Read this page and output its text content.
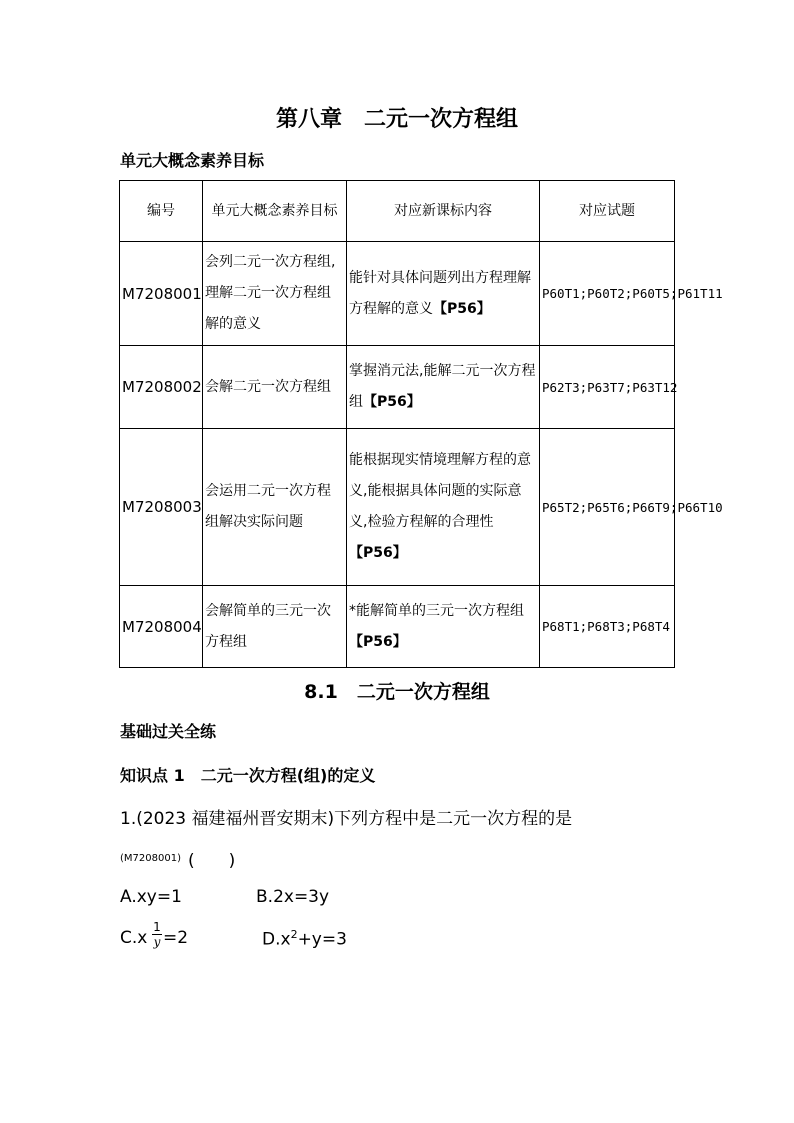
第八章　二元一次方程组
单元大概念素养目标
编号	单元大概念素养目标	对应新课标内容	对应试题
M7208001	会列二元一次方程组,理解二元一次方程组解的意义	能针对具体问题列出方程理解方程解的意义【P56】	P60T1;P60T2;P60T5;P61T11
M7208002	会解二元一次方程组	掌握消元法,能解二元一次方程组【P56】	P62T3;P63T7;P63T12
M7208003	会运用二元一次方程组解决实际问题	能根据现实情境理解方程的意义,能根据具体问题的实际意义,检验方程解的合理性【P56】	P65T2;P65T6;P66T9;P66T10
M7208004	会解简单的三元一次方程组	*能解简单的三元一次方程组【P56】	P68T1;P68T3;P68T4
8.1　二元一次方程组
基础过关全练
知识点 1　二元一次方程(组)的定义
1.(2023 福建福州晋安期末)下列方程中是二元一次方程的是
(M7208001) (　　)
A.xy=1	B.2x=3y
C.x
1
y =2	$D.x^2+y=3$
